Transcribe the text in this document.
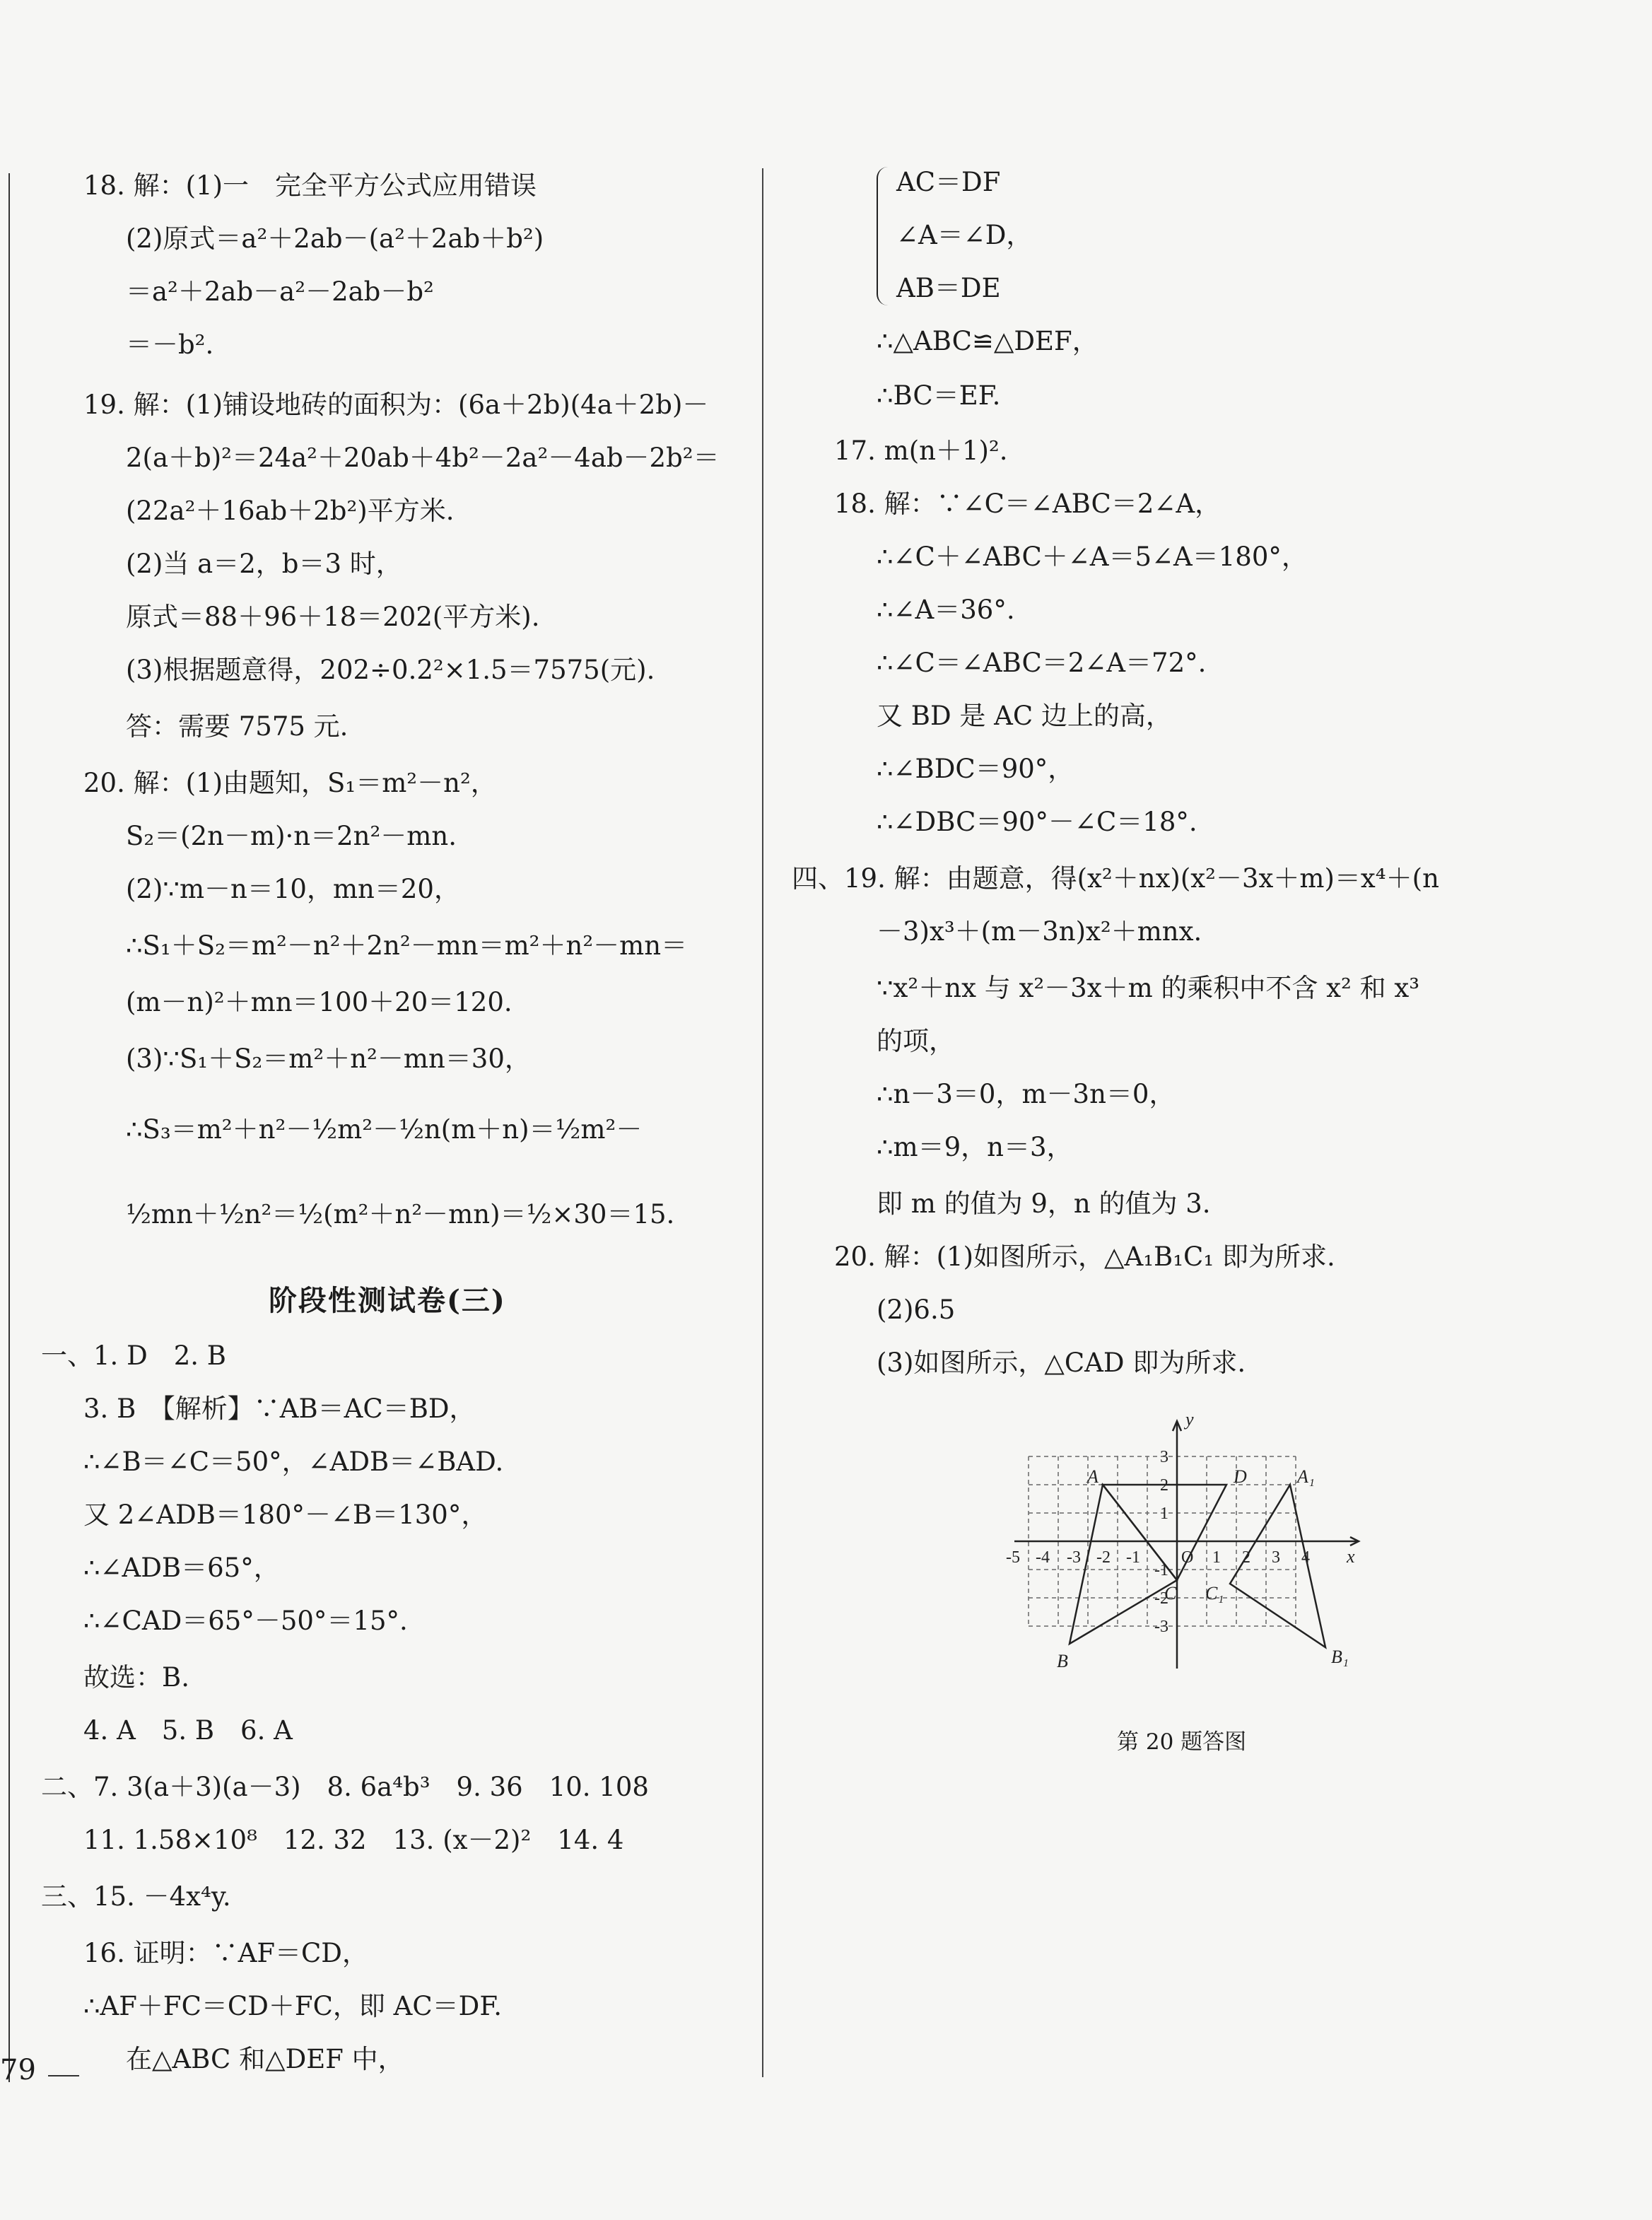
18. 解：(1)一　完全平方公式应用错误
(2)原式＝a²＋2ab－(a²＋2ab＋b²)
＝a²＋2ab－a²－2ab－b²
＝－b².
19. 解：(1)铺设地砖的面积为：(6a＋2b)(4a＋2b)－
2(a＋b)²＝24a²＋20ab＋4b²－2a²－4ab－2b²＝
(22a²＋16ab＋2b²)平方米.
(2)当 a＝2，b＝3 时，
原式＝88＋96＋18＝202(平方米).
(3)根据题意得，202÷0.2²×1.5＝7575(元).
答：需要 7575 元.
20. 解：(1)由题知，S₁＝m²－n²，
S₂＝(2n－m)·n＝2n²－mn.
(2)∵m－n＝10，mn＝20，
∴S₁＋S₂＝m²－n²＋2n²－mn＝m²＋n²－mn＝
(m－n)²＋mn＝100＋20＝120.
(3)∵S₁＋S₂＝m²＋n²－mn＝30，
∴S₃＝m²＋n²－½m²－½n(m＋n)＝½m²－
½mn＋½n²＝½(m²＋n²－mn)＝½×30＝15.
阶段性测试卷(三)
一、1. D　2. B
3. B　【解析】∵AB＝AC＝BD，
∴∠B＝∠C＝50°，∠ADB＝∠BAD.
又 2∠ADB＝180°－∠B＝130°，
∴∠ADB＝65°，
∴∠CAD＝65°－50°＝15°.
故选：B.
4. A　5. B　6. A
二、7. 3(a＋3)(a－3)　8. 6a⁴b³　9. 36　10. 108
11. 1.58×10⁸　12. 32　13. (x－2)²　14. 4
三、15. －4x⁴y.
16. 证明：∵AF＝CD，
∴AF＋FC＝CD＋FC，即 AC＝DF.
在△ABC 和△DEF 中，
AC＝DF
∠A＝∠D，
AB＝DE
∴△ABC≌△DEF，
∴BC＝EF.
17. m(n＋1)².
18. 解：∵∠C＝∠ABC＝2∠A，
∴∠C＋∠ABC＋∠A＝5∠A＝180°，
∴∠A＝36°.
∴∠C＝∠ABC＝2∠A＝72°.
又 BD 是 AC 边上的高，
∴∠BDC＝90°，
∴∠DBC＝90°－∠C＝18°.
四、19. 解：由题意，得(x²＋nx)(x²－3x＋m)＝x⁴＋(n
－3)x³＋(m－3n)x²＋mnx.
∵x²＋nx 与 x²－3x＋m 的乘积中不含 x² 和 x³
的项，
∴n－3＝0，m－3n＝0，
∴m＝9，n＝3，
即 m 的值为 9，n 的值为 3.
20. 解：(1)如图所示，△A₁B₁C₁ 即为所求.
(2)6.5
(3)如图所示，△CAD 即为所求.
y
x
A	D	A₁
C C₁
B	B₁
-5 -4 -3 -2 -1 O 1 2 3 4
3
2
1
-1
-2
-3
第 20 题答图
79
